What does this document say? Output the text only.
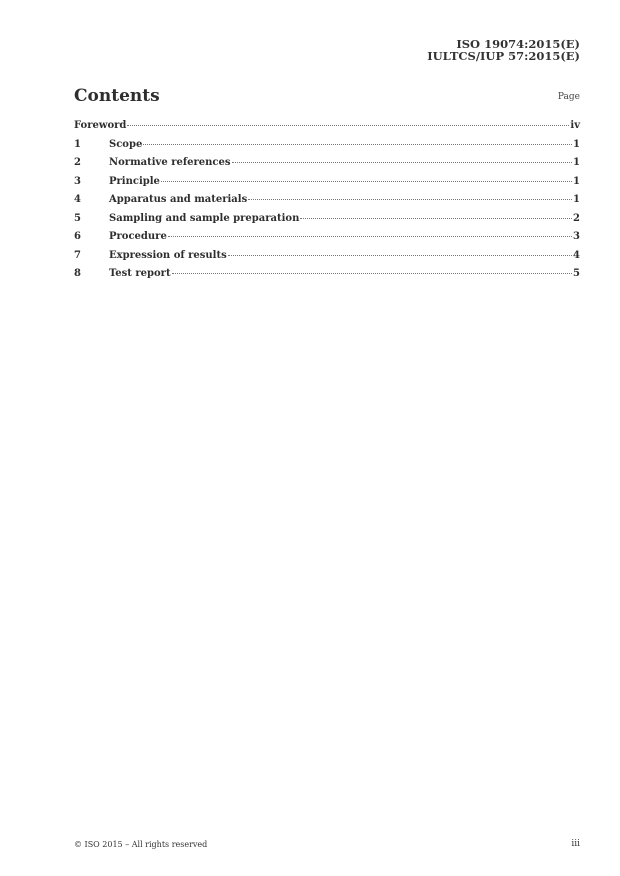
ISO 19074:2015(E)
IULTCS/IUP 57:2015(E)
Contents	Page
Foreword	iv
1	Scope	1
2	Normative references	1
3	Principle	1
4	Apparatus and materials	1
5	Sampling and sample preparation	2
6	Procedure	3
7	Expression of results	4
8	Test report	5
© ISO 2015 – All rights reserved	iii
